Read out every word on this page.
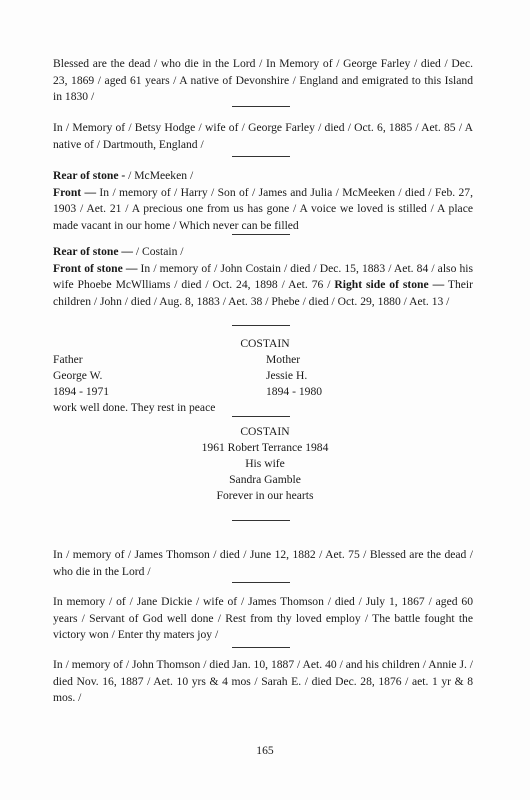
Blessed are the dead / who die in the Lord / In Memory of / George Farley / died / Dec. 23, 1869 / aged 61 years / A native of Devonshire / England and emigrated to this Island in 1830 /

In / Memory of / Betsy Hodge / wife of / George Farley / died / Oct. 6, 1885 / Aet. 85 / A native of / Dartmouth, England /

Rear of stone - / McMeeken /
Front — In / memory of / Harry / Son of / James and Julia / McMeeken / died / Feb. 27, 1903 / Aet. 21 / A precious one from us has gone / A voice we loved is stilled / A place made vacant in our home / Which never can be filled

Rear of stone — / Costain /
Front of stone — In / memory of / John Costain / died / Dec. 15, 1883 / Aet. 84 / also his wife Phoebe McWlliams / died / Oct. 24, 1898 / Aet. 76 / Right side of stone — Their children / John / died / Aug. 8, 1883 / Aet. 38 / Phebe / died / Oct. 29, 1880 / Aet. 13 /

COSTAIN
Father
George W.
1894 - 1971
work well done. They rest in peace
Mother
Jessie H.
1894 - 1980
COSTAIN
1961 Robert Terrance 1984
His wife
Sandra Gamble
Forever in our hearts

In / memory of / James Thomson / died / June 12, 1882 / Aet. 75 / Blessed are the dead / who die in the Lord /

In memory / of / Jane Dickie / wife of / James Thomson / died / July 1, 1867 / aged 60 years / Servant of God well done / Rest from thy loved employ / The battle fought the victory won / Enter thy maters joy /

In / memory of / John Thomson / died Jan. 10, 1887 / Aet. 40 / and his children / Annie J. / died Nov. 16, 1887 / Aet. 10 yrs & 4 mos / Sarah E. / died Dec. 28, 1876 / aet. 1 yr & 8 mos. /

165
